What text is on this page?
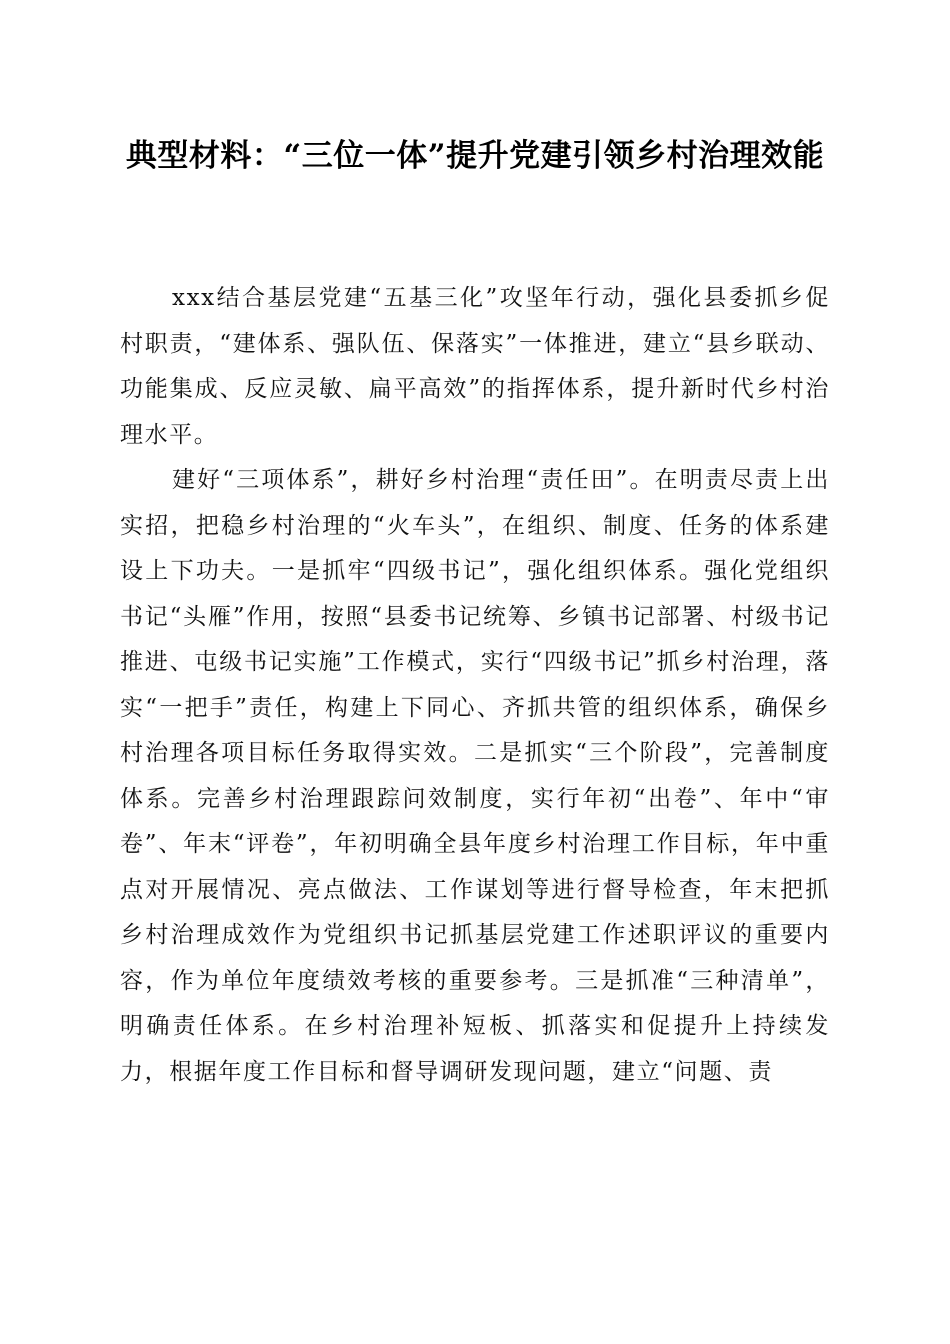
典型材料：“三位一体”提升党建引领乡村治理效能

xxx结合基层党建“五基三化”攻坚年行动，强化县委抓乡促村职责，“建体系、强队伍、保落实”一体推进，建立“县乡联动、功能集成、反应灵敏、扁平高效”的指挥体系，提升新时代乡村治理水平。

建好“三项体系”，耕好乡村治理“责任田”。在明责尽责上出实招，把稳乡村治理的“火车头”，在组织、制度、任务的体系建设上下功夫。一是抓牢“四级书记”，强化组织体系。强化党组织书记“头雁”作用，按照“县委书记统筹、乡镇书记部署、村级书记推进、屯级书记实施”工作模式，实行“四级书记”抓乡村治理，落实“一把手”责任，构建上下同心、齐抓共管的组织体系，确保乡村治理各项目标任务取得实效。二是抓实“三个阶段”，完善制度体系。完善乡村治理跟踪问效制度，实行年初“出卷”、年中“审卷”、年末“评卷”，年初明确全县年度乡村治理工作目标，年中重点对开展情况、亮点做法、工作谋划等进行督导检查，年末把抓乡村治理成效作为党组织书记抓基层党建工作述职评议的重要内容，作为单位年度绩效考核的重要参考。三是抓准“三种清单”，明确责任体系。在乡村治理补短板、抓落实和促提升上持续发力，根据年度工作目标和督导调研发现问题，建立“问题、责
